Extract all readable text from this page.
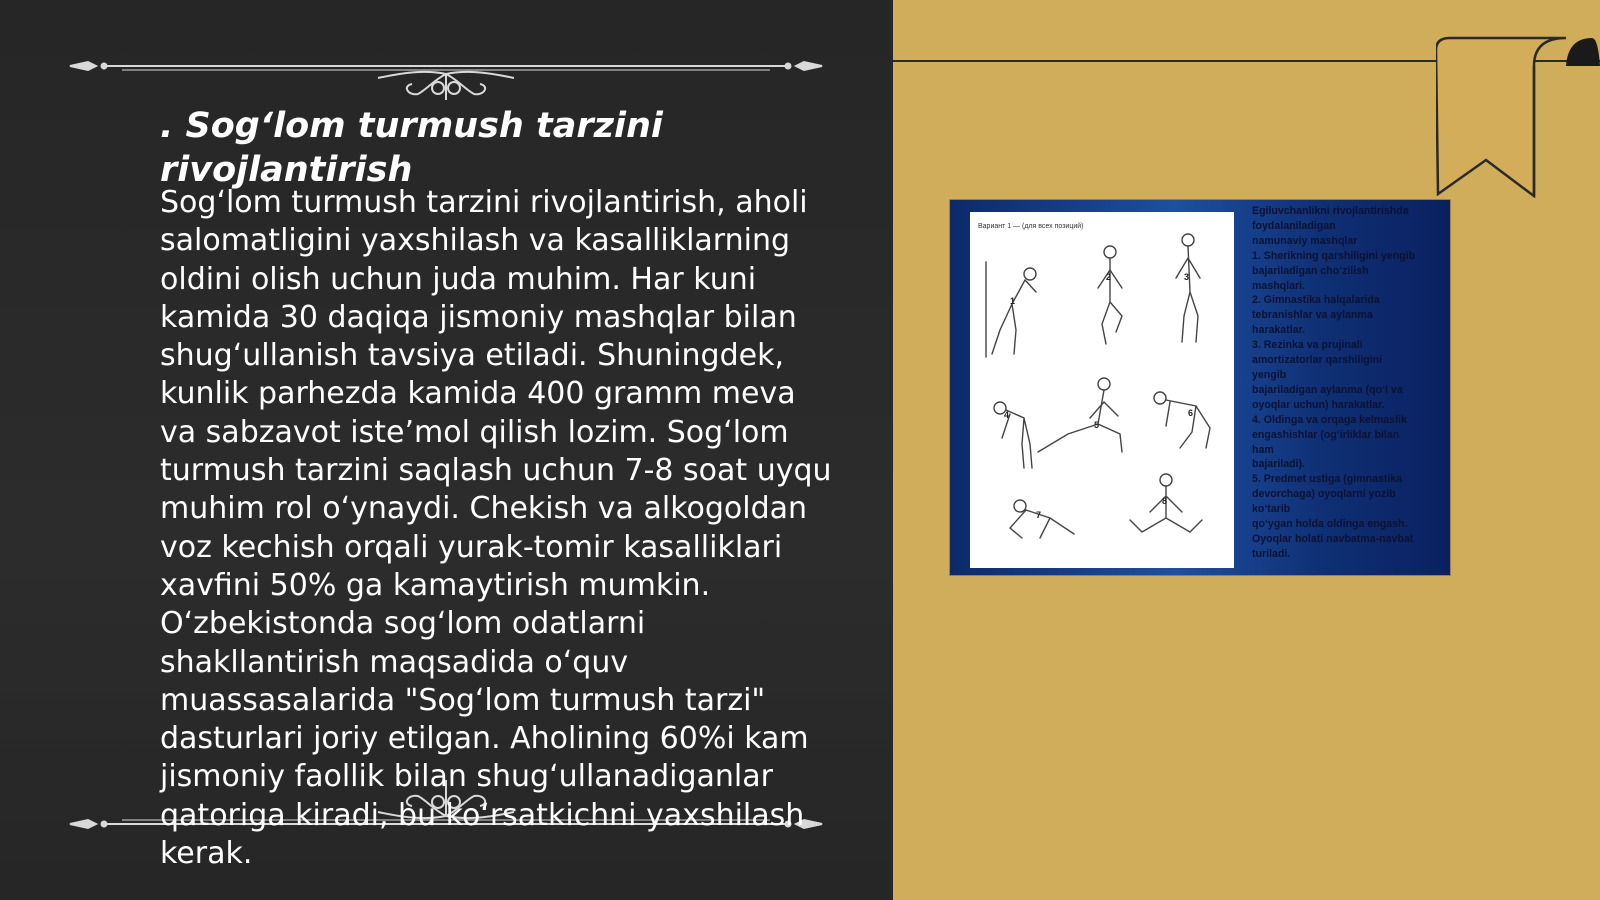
. Sog‘lom turmush tarzini rivojlantirish

Sog‘lom turmush tarzini rivojlantirish, aholi salomatligini yaxshilash va kasalliklarning oldini olish uchun juda muhim. Har kuni kamida 30 daqiqa jismoniy mashqlar bilan shug‘ullanish tavsiya etiladi. Shuningdek, kunlik parhezda kamida 400 gramm meva va sabzavot iste’mol qilish lozim. Sog‘lom turmush tarzini saqlash uchun 7-8 soat uyqu muhim rol o‘ynaydi. Chekish va alkogoldan voz kechish orqali yurak-tomir kasalliklari xavfini 50% ga kamaytirish mumkin. O‘zbekistonda sog‘lom odatlarni shakllantirish maqsadida o‘quv muassasalarida "Sog‘lom turmush tarzi" dasturlari joriy etilgan. Aholining 60%i kam jismoniy faollik bilan shug‘ullanadiganlar qatoriga kiradi, bu ko‘rsatkichni yaxshilash kerak.

Вариант 1 — (для всех позиций)
1
2	3
4
5
6
7
8
Egiluvchanlikni rivojlantirishda
foydalaniladigan
namunaviy mashqlar
1. Sherikning qarshiligini yengib
bajariladigan cho‘zilish
mashqlari.
2. Gimnastika halqalarida
tebranishlar va aylanma
harakatlar.
3. Rezinka va prujinali
amortizatorlar qarshiligini
yengib
bajariladigan aylanma (qo‘l va
oyoqlar uchun) harakatlar.
4. Oldinga va orqaga kelmaslik
engashishlar (og‘irliklar bilan
ham
bajariladi).
5. Predmet ustiga (gimnastika
devorchaga) oyoqlarni yozib
ko‘tarib
qo‘ygan holda oldinga engash.
Oyoqlar holati navbatma-navbat
turiladi.
